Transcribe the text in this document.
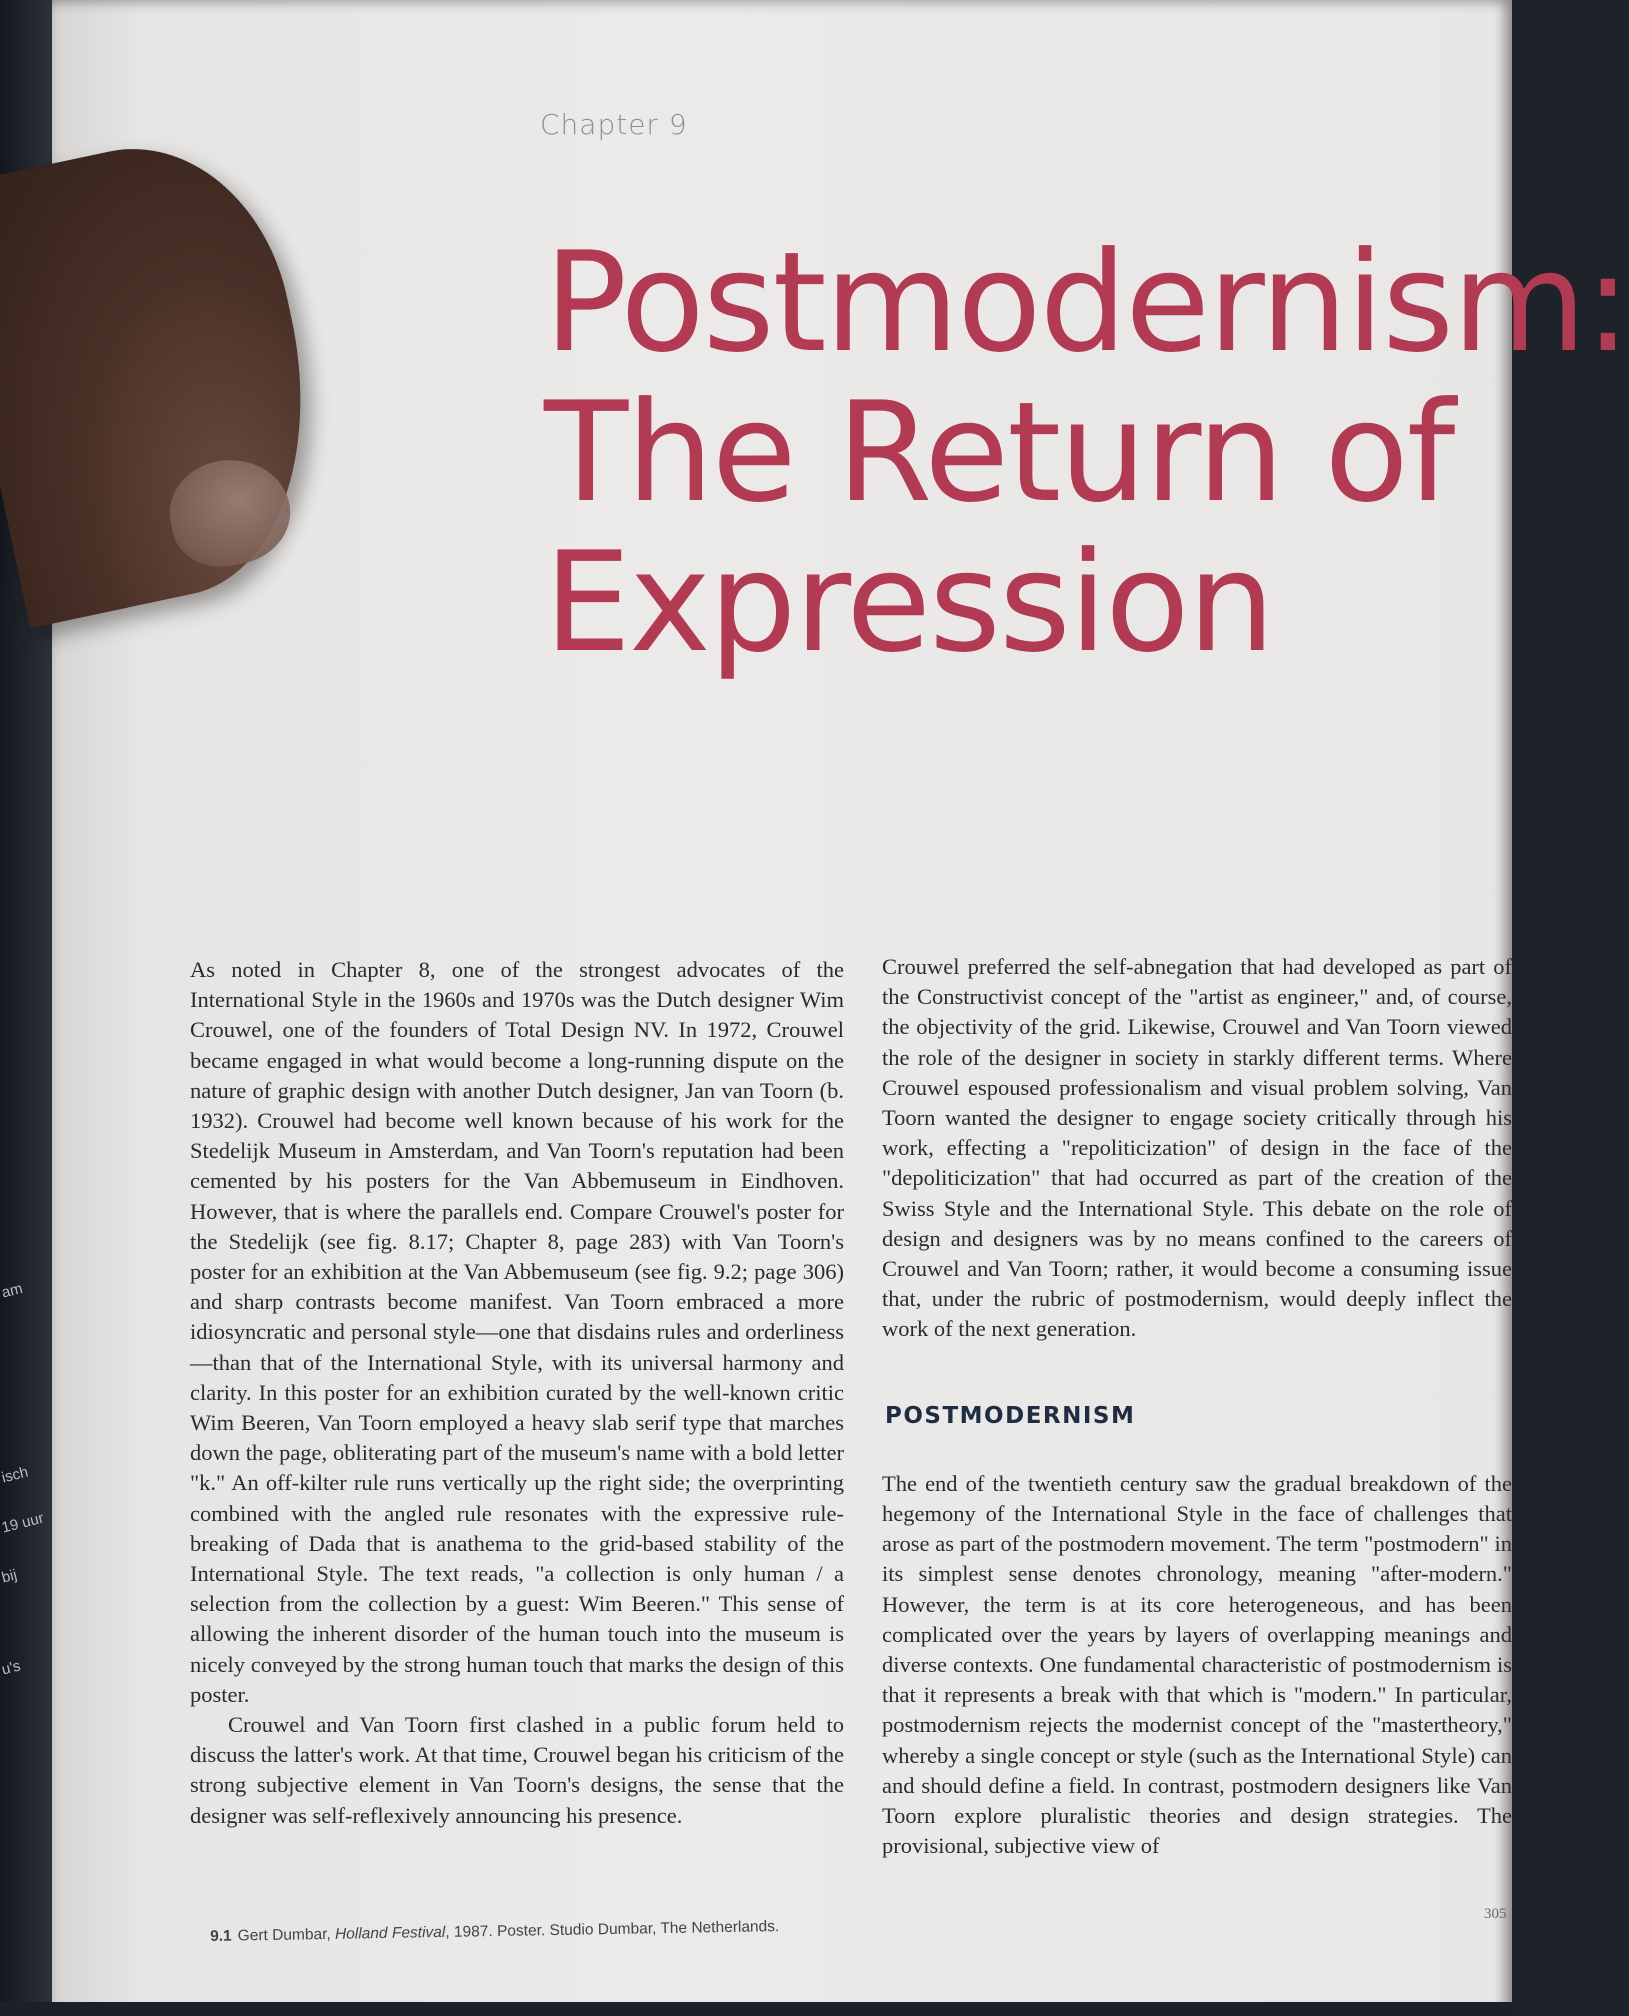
am
isch
19 uur
bij
u's

Chapter 9

Postmodernism:
The Return of
Expression

As noted in Chapter 8, one of the strongest advocates of the International Style in the 1960s and 1970s was the Dutch designer Wim Crouwel, one of the founders of Total Design NV. In 1972, Crouwel became engaged in what would become a long-running dispute on the nature of graphic design with another Dutch designer, Jan van Toorn (b. 1932). Crouwel had become well known because of his work for the Stedelijk Museum in Amsterdam, and Van Toorn's reputation had been cemented by his posters for the Van Abbemuseum in Eindhoven. However, that is where the parallels end. Compare Crouwel's poster for the Stedelijk (see fig. 8.17; Chapter 8, page 283) with Van Toorn's poster for an exhibition at the Van Abbemuseum (see fig. 9.2; page 306) and sharp contrasts become manifest. Van Toorn embraced a more idiosyncratic and personal style—one that disdains rules and orderliness—than that of the International Style, with its universal harmony and clarity. In this poster for an exhibition curated by the well-known critic Wim Beeren, Van Toorn employed a heavy slab serif type that marches down the page, obliterating part of the museum's name with a bold letter "k." An off-kilter rule runs vertically up the right side; the overprinting combined with the angled rule resonates with the expressive rule-breaking of Dada that is anathema to the grid-based stability of the International Style. The text reads, "a collection is only human / a selection from the collection by a guest: Wim Beeren." This sense of allowing the inherent disorder of the human touch into the museum is nicely conveyed by the strong human touch that marks the design of this poster.

Crouwel and Van Toorn first clashed in a public forum held to discuss the latter's work. At that time, Crouwel began his criticism of the strong subjective element in Van Toorn's designs, the sense that the designer was self-reflexively announcing his presence.

Crouwel preferred the self-abnegation that had developed as part of the Constructivist concept of the "artist as engineer," and, of course, the objectivity of the grid. Likewise, Crouwel and Van Toorn viewed the role of the designer in society in starkly different terms. Where Crouwel espoused professionalism and visual problem solving, Van Toorn wanted the designer to engage society critically through his work, effecting a "repoliticization" of design in the face of the "depoliticization" that had occurred as part of the creation of the Swiss Style and the International Style. This debate on the role of design and designers was by no means confined to the careers of Crouwel and Van Toorn; rather, it would become a consuming issue that, under the rubric of postmodernism, would deeply inflect the work of the next generation.

POSTMODERNISM

The end of the twentieth century saw the gradual breakdown of the hegemony of the International Style in the face of challenges that arose as part of the postmodern movement. The term "postmodern" in its simplest sense denotes chronology, meaning "after-modern." However, the term is at its core heterogeneous, and has been complicated over the years by layers of overlapping meanings and diverse contexts. One fundamental characteristic of postmodernism is that it represents a break with that which is "modern." In particular, postmodernism rejects the modernist concept of the "mastertheory," whereby a single concept or style (such as the International Style) can and should define a field. In contrast, postmodern designers like Van Toorn explore pluralistic theories and design strategies. The provisional, subjective view of

9.1 Gert Dumbar, Holland Festival, 1987. Poster. Studio Dumbar, The Netherlands.

305
